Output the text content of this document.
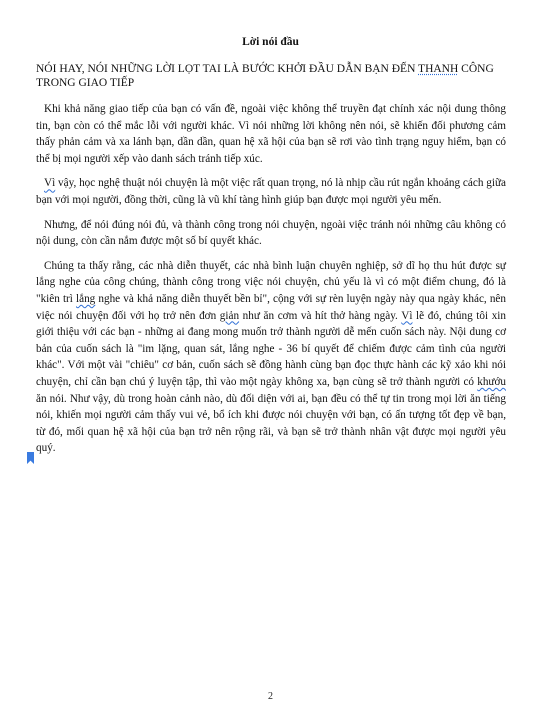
Lời nói đầu

NÓI HAY, NÓI NHỮNG LỜI LỌT TAI LÀ BƯỚC KHỞI ĐẦU DẪN BẠN ĐẾN THANH CÔNG TRONG GIAO TIẾP

Khi khả năng giao tiếp của bạn có vấn đề, ngoài việc không thể truyền đạt chính xác nội dung thông tin, bạn còn có thể mắc lỗi với người khác. Vì nói những lời không nên nói, sẽ khiến đối phương cảm thấy phản cảm và xa lánh bạn, dần dần, quan hệ xã hội của bạn sẽ rơi vào tình trạng nguy hiểm, bạn có thể bị mọi người xếp vào danh sách tránh tiếp xúc.

Vì vậy, học nghệ thuật nói chuyện là một việc rất quan trọng, nó là nhịp cầu rút ngắn khoảng cách giữa bạn với mọi người, đồng thời, cũng là vũ khí tàng hình giúp bạn được mọi người yêu mến.

Nhưng, để nói đúng nói đủ, và thành công trong nói chuyện, ngoài việc tránh nói những câu không có nội dung, còn cần nắm được một số bí quyết khác.

Chúng ta thấy rằng, các nhà diễn thuyết, các nhà bình luận chuyên nghiệp, sở dĩ họ thu hút được sự lắng nghe của công chúng, thành công trong việc nói chuyện, chủ yếu là vì có một điểm chung, đó là "kiên trì lắng nghe và khả năng diễn thuyết bền bỉ", cộng với sự rèn luyện ngày này qua ngày khác, nên việc nói chuyện đối với họ trở nên đơn giản như ăn cơm và hít thở hàng ngày. Vì lẽ đó, chúng tôi xin giới thiệu với các bạn - những ai đang mong muốn trở thành người dễ mến cuốn sách này. Nội dung cơ bản của cuốn sách là "im lặng, quan sát, lắng nghe - 36 bí quyết để chiếm được cảm tình của người khác". Với một vài "chiêu" cơ bản, cuốn sách sẽ đồng hành cùng bạn đọc thực hành các kỹ xảo khi nói chuyện, chỉ cần bạn chú ý luyện tập, thì vào một ngày không xa, bạn cùng sẽ trở thành người có khướu ăn nói. Như vậy, dù trong hoàn cảnh nào, dù đối diện với ai, bạn đều có thể tự tin trong mọi lời ăn tiếng nói, khiến mọi người cảm thấy vui vẻ, bổ ích khi được nói chuyện với bạn, có ấn tượng tốt đẹp về bạn, từ đó, mối quan hệ xã hội của bạn trở nên rộng rãi, và bạn sẽ trở thành nhân vật được mọi người yêu quý.

2
